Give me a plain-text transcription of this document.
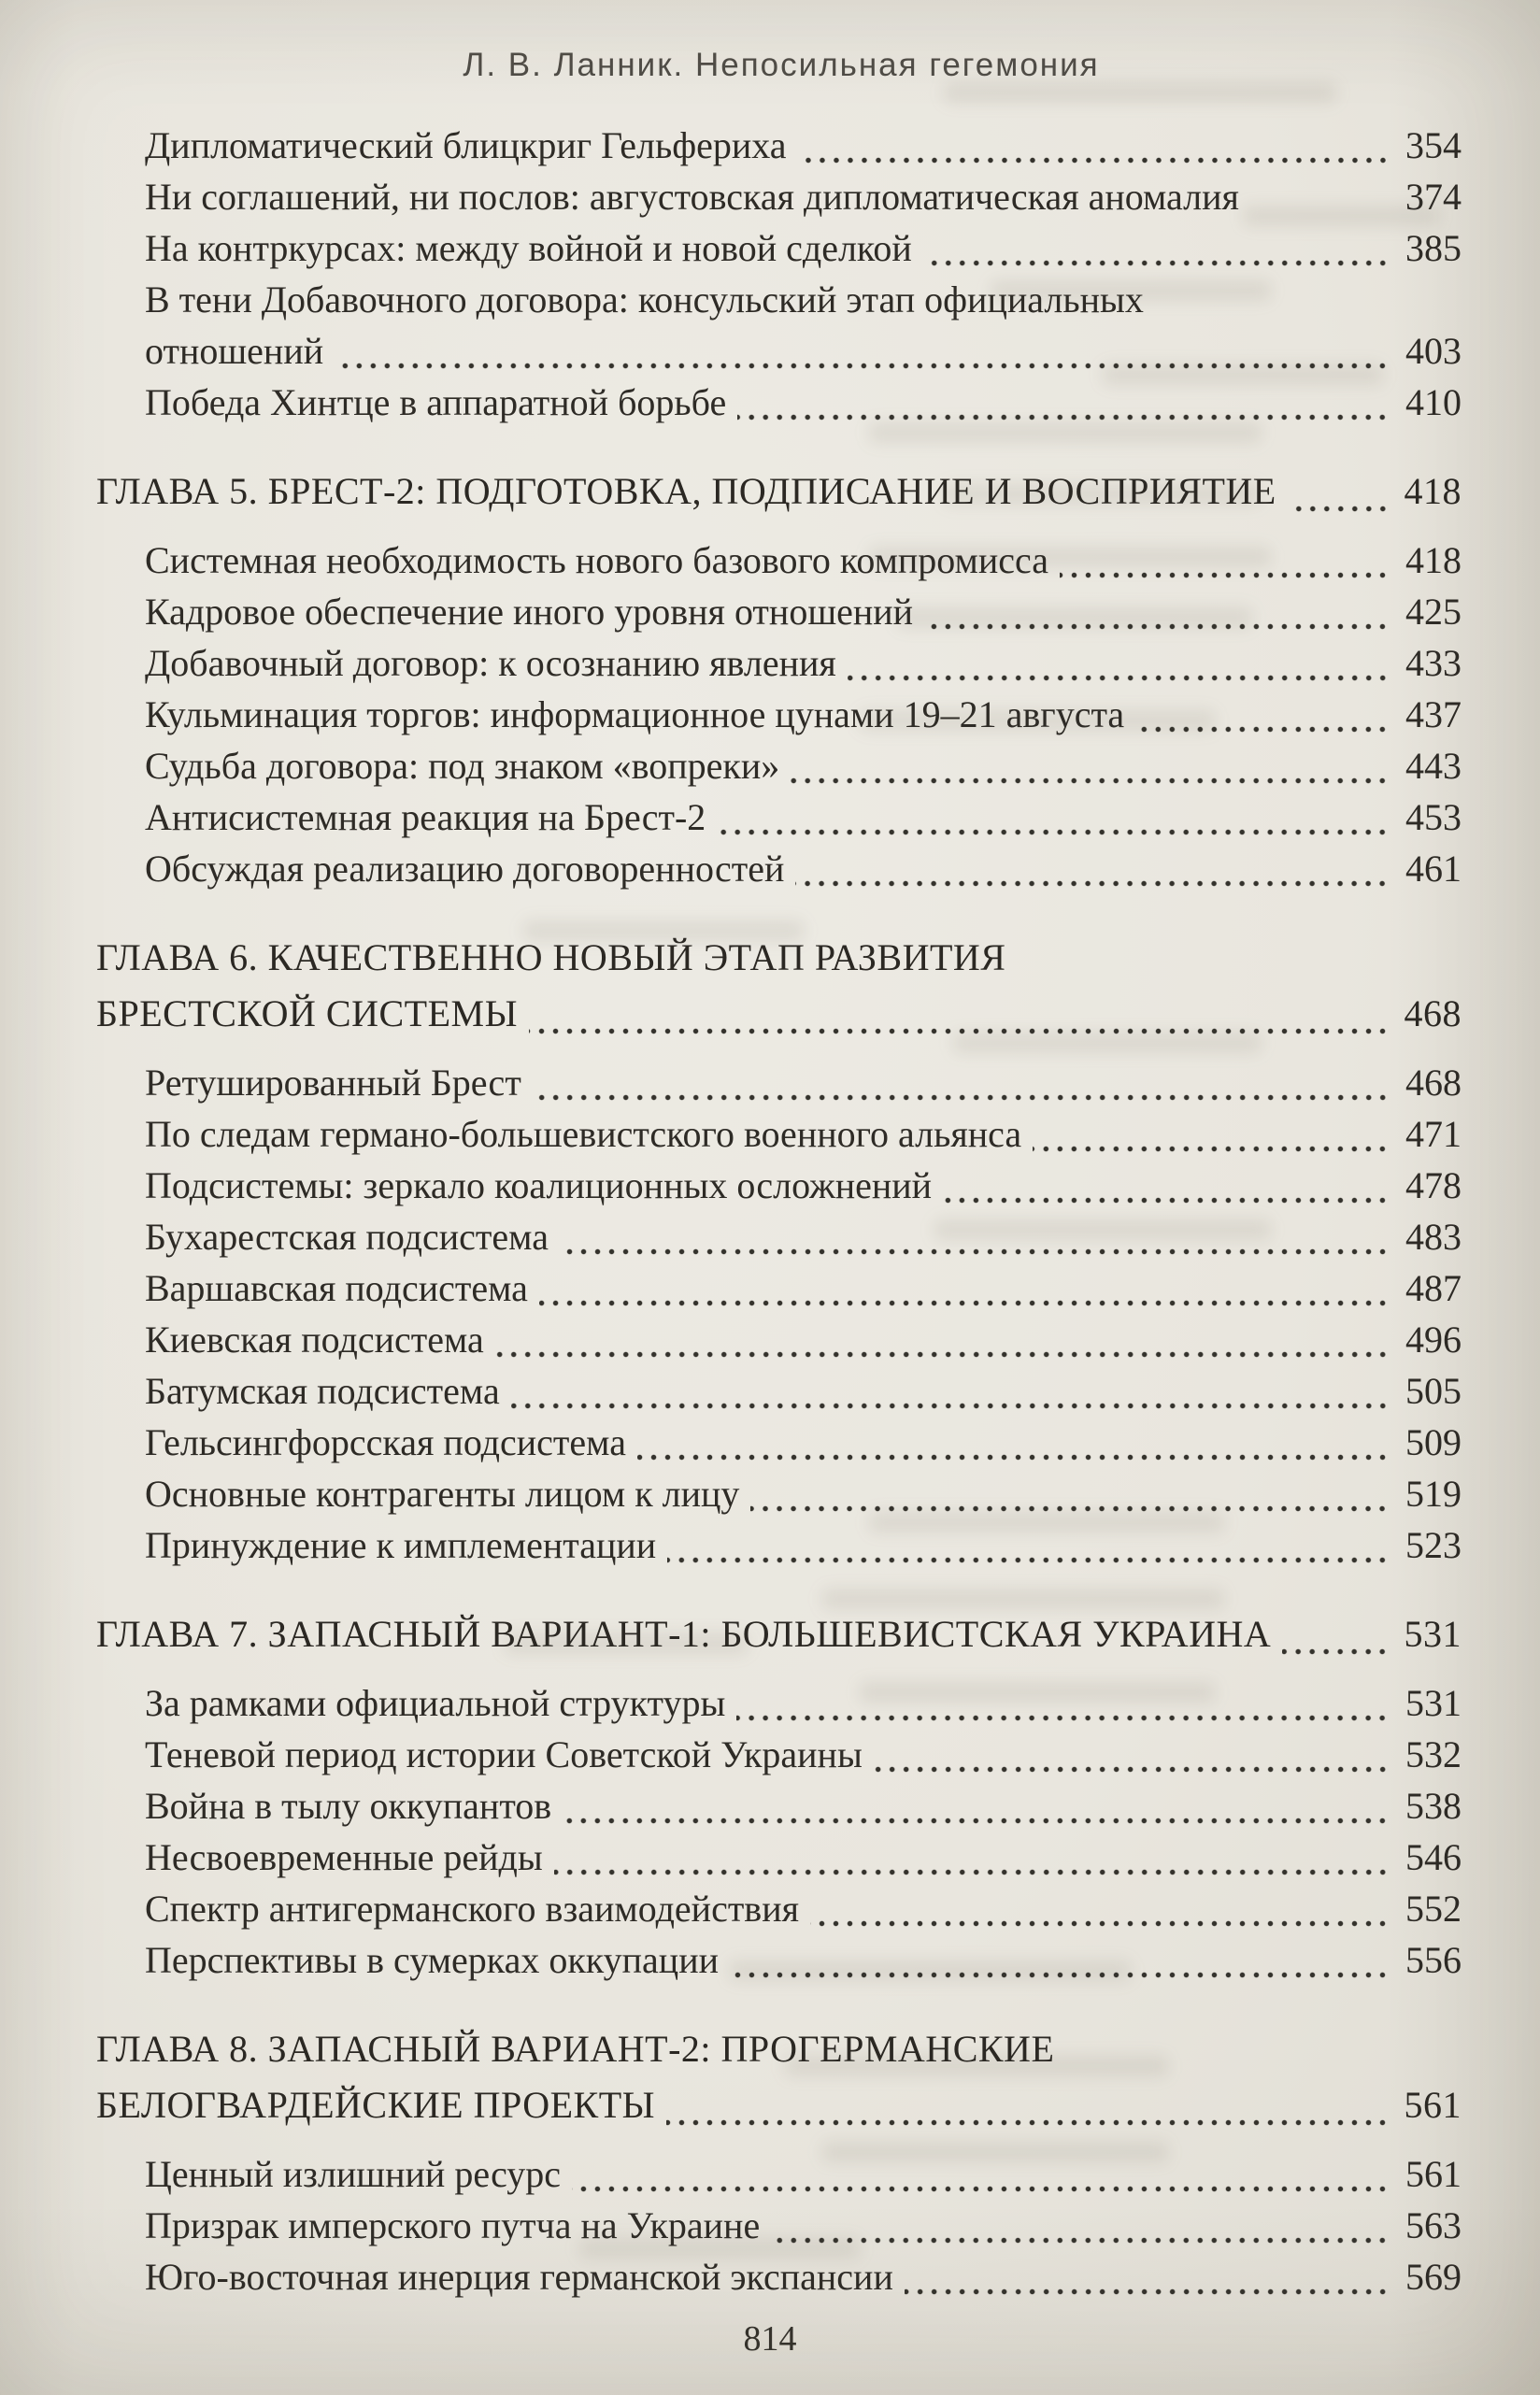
Л. В. Ланник. Непосильная гегемония
Дипломатический блицкриг Гельфериха	354
Ни соглашений, ни послов: августовская дипломатическая аномалия	374
На контркурсах: между войной и новой сделкой	385
В тени Добавочного договора: консульский этап официальных
отношений	403
Победа Хинтце в аппаратной борьбе	410
ГЛАВА 5. БРЕСТ-2: ПОДГОТОВКА, ПОДПИСАНИЕ И ВОСПРИЯТИЕ	418
Системная необходимость нового базового компромисса	418
Кадровое обеспечение иного уровня отношений	425
Добавочный договор: к осознанию явления	433
Кульминация торгов: информационное цунами 19–21 августа	437
Судьба договора: под знаком «вопреки»	443
Антисистемная реакция на Брест-2	453
Обсуждая реализацию договоренностей	461
ГЛАВА 6. КАЧЕСТВЕННО НОВЫЙ ЭТАП РАЗВИТИЯ
БРЕСТСКОЙ СИСТЕМЫ	468
Ретушированный Брест	468
По следам германо-большевистского военного альянса	471
Подсистемы: зеркало коалиционных осложнений	478
Бухарестская подсистема	483
Варшавская подсистема	487
Киевская подсистема	496
Батумская подсистема	505
Гельсингфорсская подсистема	509
Основные контрагенты лицом к лицу	519
Принуждение к имплементации	523
ГЛАВА 7. ЗАПАСНЫЙ ВАРИАНТ-1: БОЛЬШЕВИСТСКАЯ УКРАИНА	531
За рамками официальной структуры	531
Теневой период истории Советской Украины	532
Война в тылу оккупантов	538
Несвоевременные рейды	546
Спектр антигерманского взаимодействия	552
Перспективы в сумерках оккупации	556
ГЛАВА 8. ЗАПАСНЫЙ ВАРИАНТ-2: ПРОГЕРМАНСКИЕ
БЕЛОГВАРДЕЙСКИЕ ПРОЕКТЫ	561
Ценный излишний ресурс	561
Призрак имперского путча на Украине	563
Юго-восточная инерция германской экспансии	569
814
